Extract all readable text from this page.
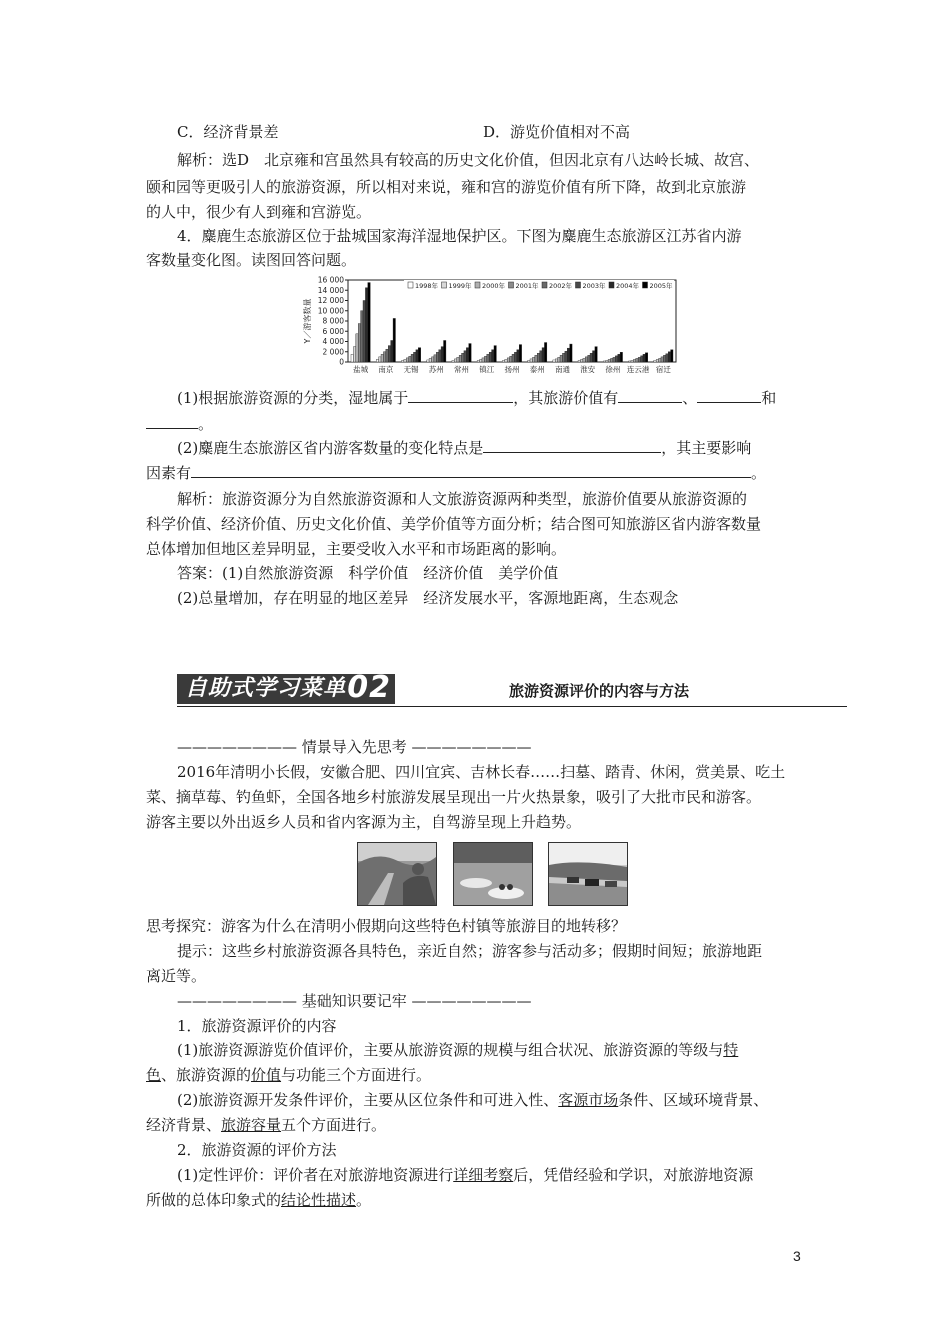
C．经济背景差	D．游览价值相对不高
解析：选D　北京雍和宫虽然具有较高的历史文化价值，但因北京有八达岭长城、故宫、
颐和园等更吸引人的旅游资源，所以相对来说，雍和宫的游览价值有所下降，故到北京旅游
的人中，很少有人到雍和宫游览。
4．麋鹿生态旅游区位于盐城国家海洋湿地保护区。下图为麋鹿生态旅游区江苏省内游
客数量变化图。读图回答问题。
0
2 000
4 000
6 000
8 000
10 000
12 000
14 000
16 000
Y／游客数量
盐城 南京 无锡 苏州 常州 镇江 扬州 泰州 南通 淮安 徐州 连云港 宿迁
1998年 1999年 2000年 2001年 2002年 2003年 2004年 2005年
(1)根据旅游资源的分类，湿地属于	，其旅游价值有	、	和
。
(2)麋鹿生态旅游区省内游客数量的变化特点是	，其主要影响
因素有	。
解析：旅游资源分为自然旅游资源和人文旅游资源两种类型，旅游价值要从旅游资源的
科学价值、经济价值、历史文化价值、美学价值等方面分析；结合图可知旅游区省内游客数量
总体增加但地区差异明显，主要受收入水平和市场距离的影响。
答案：(1)自然旅游资源　科学价值　经济价值　美学价值
(2)总量增加，存在明显的地区差异　经济发展水平，客源地距离，生态观念
自助式学习菜单 02	旅游资源评价的内容与方法
———————— 情景导入先思考 ————————
2016年清明小长假，安徽合肥、四川宜宾、吉林长春……扫墓、踏青、休闲，赏美景、吃土
菜、摘草莓、钓鱼虾，全国各地乡村旅游发展呈现出一片火热景象，吸引了大批市民和游客。
游客主要以外出返乡人员和省内客源为主，自驾游呈现上升趋势。
思考探究：游客为什么在清明小假期向这些特色村镇等旅游目的地转移？
提示：这些乡村旅游资源各具特色，亲近自然；游客参与活动多；假期时间短；旅游地距
离近等。
———————— 基础知识要记牢 ————————
1．旅游资源评价的内容
(1)旅游资源游览价值评价，主要从旅游资源的规模与组合状况、旅游资源的等级与特
色、旅游资源的价值与功能三个方面进行。
(2)旅游资源开发条件评价，主要从区位条件和可进入性、客源市场条件、区域环境背景、
经济背景、旅游容量五个方面进行。
2．旅游资源的评价方法
(1)定性评价：评价者在对旅游地资源进行详细考察后，凭借经验和学识，对旅游地资源
所做的总体印象式的结论性描述。
3
